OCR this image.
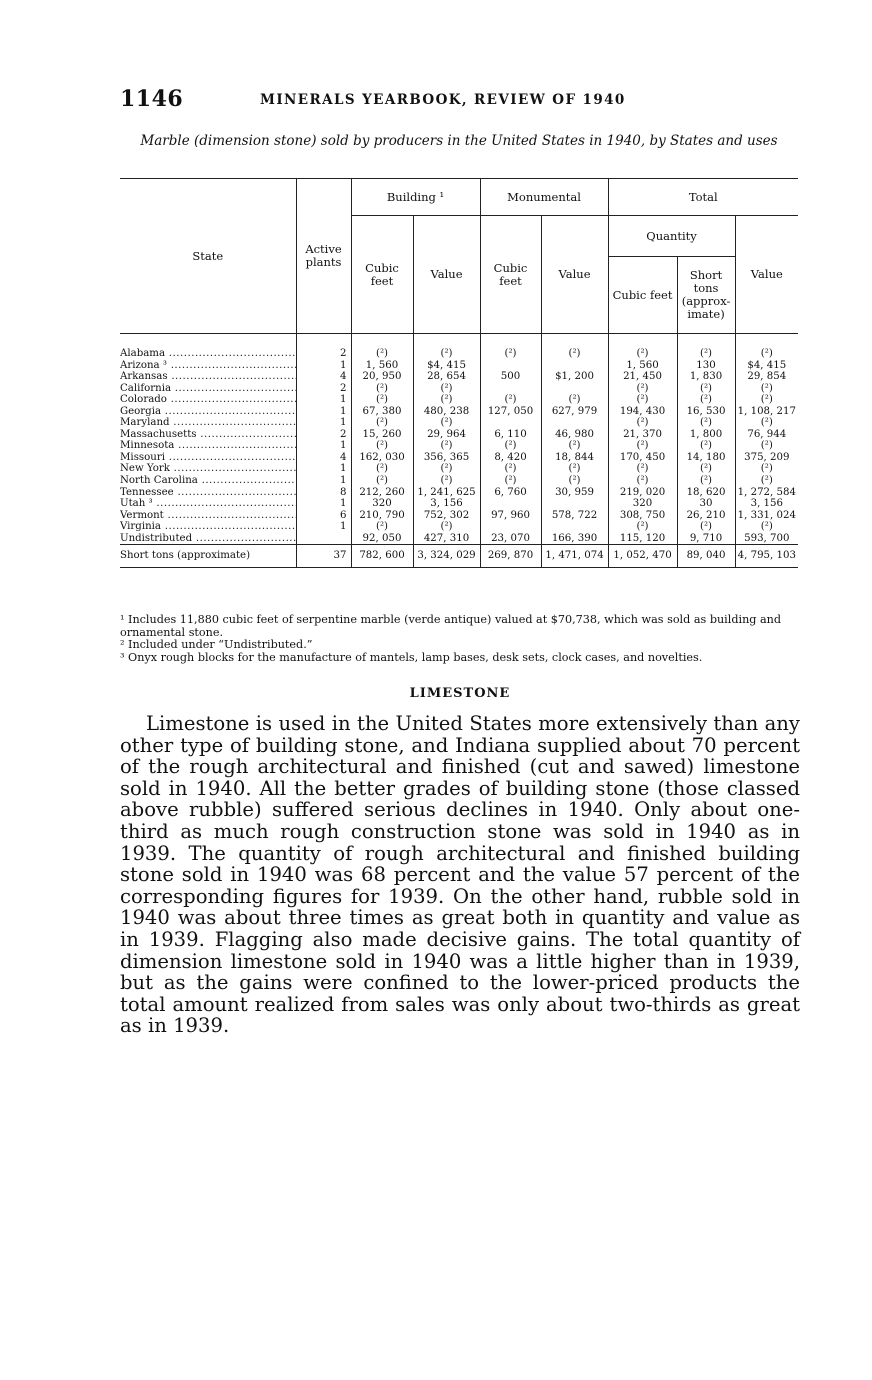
1146	MINERALS YEARBOOK, REVIEW OF 1940
Marble (dimension stone) sold by producers in the United States in 1940, by States and uses
State	Active plants	Building ¹		Monumental		Total		
		Cubic feet	Value	Cubic feet	Value	Quantity		Value
						Cubic feet	Short tons (approx-imate)	

Alabama .....	2	(²)	(²)	(²)	(²)	(²)	(²)	(²)

Arizona ³ .....	1	1, 560	$4, 415			1, 560	130	$4, 415

Arkansas .....	4	20, 950	28, 654	500	$1, 200	21, 450	1, 830	29, 854

California .....	2	(²)	(²)			(²)	(²)	(²)

Colorado .....	1	(²)	(²)	(²)	(²)	(²)	(²)	(²)

Georgia .....	1	67, 380	480, 238	127, 050	627, 979	194, 430	16, 530	1, 108, 217

Maryland .....	1	(²)	(²)			(²)	(²)	(²)

Massachusetts .....	2	15, 260	29, 964	6, 110	46, 980	21, 370	1, 800	76, 944

Minnesota .....	1	(²)	(²)	(²)	(²)	(²)	(²)	(²)

Missouri .....	4	162, 030	356, 365	8, 420	18, 844	170, 450	14, 180	375, 209

New York .....	1	(²)	(²)	(²)	(²)	(²)	(²)	(²)

North Carolina .....	1	(²)	(²)	(²)	(²)	(²)	(²)	(²)

Tennessee .....	8	212, 260	1, 241, 625	6, 760	30, 959	219, 020	18, 620	1, 272, 584

Utah ³ .....	1	320	3, 156			320	30	3, 156

Vermont .....	6	210, 790	752, 302	97, 960	578, 722	308, 750	26, 210	1, 331, 024

Virginia .....	1	(²)	(²)			(²)	(²)	(²)

Undistributed .....		92, 050	427, 310	23, 070	166, 390	115, 120	9, 710	593, 700

Short tons (approximate)	37	782, 600	3, 324, 029	269, 870	1, 471, 074	1, 052, 470	89, 040	4, 795, 103

¹ Includes 11,880 cubic feet of serpentine marble (verde antique) valued at $70,738, which was sold as building and ornamental stone.

² Included under “Undistributed.”

³ Onyx rough blocks for the manufacture of mantels, lamp bases, desk sets, clock cases, and novelties.

LIMESTONE

Limestone is used in the United States more extensively than any other type of building stone, and Indiana supplied about 70 percent of the rough architectural and finished (cut and sawed) limestone sold in 1940. All the better grades of building stone (those classed above rubble) suffered serious declines in 1940. Only about one-third as much rough construction stone was sold in 1940 as in 1939. The quantity of rough architectural and finished building stone sold in 1940 was 68 percent and the value 57 percent of the corresponding figures for 1939. On the other hand, rubble sold in 1940 was about three times as great both in quantity and value as in 1939. Flagging also made decisive gains. The total quantity of dimension limestone sold in 1940 was a little higher than in 1939, but as the gains were confined to the lower-priced products the total amount realized from sales was only about two-thirds as great as in 1939.
